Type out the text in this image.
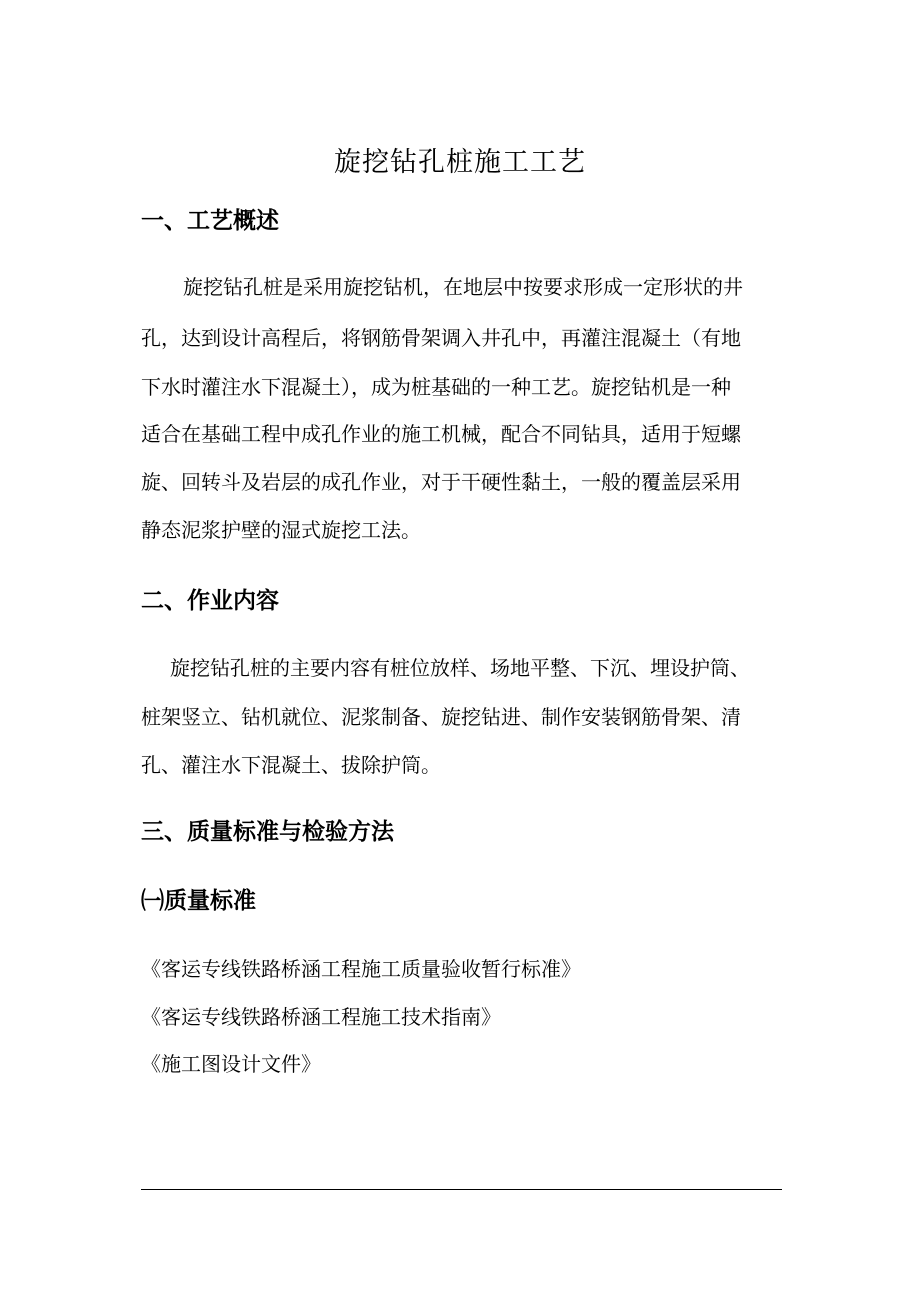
旋挖钻孔桩施工工艺
一、工艺概述
旋挖钻孔桩是采用旋挖钻机，在地层中按要求形成一定形状的井
孔，达到设计高程后，将钢筋骨架调入井孔中，再灌注混凝土（有地
下水时灌注水下混凝土），成为桩基础的一种工艺。旋挖钻机是一种
适合在基础工程中成孔作业的施工机械，配合不同钻具，适用于短螺
旋、回转斗及岩层的成孔作业，对于干硬性黏土，一般的覆盖层采用
静态泥浆护壁的湿式旋挖工法。
二、作业内容
旋挖钻孔桩的主要内容有桩位放样、场地平整、下沉、埋设护筒、
桩架竖立、钻机就位、泥浆制备、旋挖钻进、制作安装钢筋骨架、清
孔、灌注水下混凝土、拔除护筒。
三、质量标准与检验方法
㈠质量标准
《客运专线铁路桥涵工程施工质量验收暂行标准》
《客运专线铁路桥涵工程施工技术指南》
《施工图设计文件》
